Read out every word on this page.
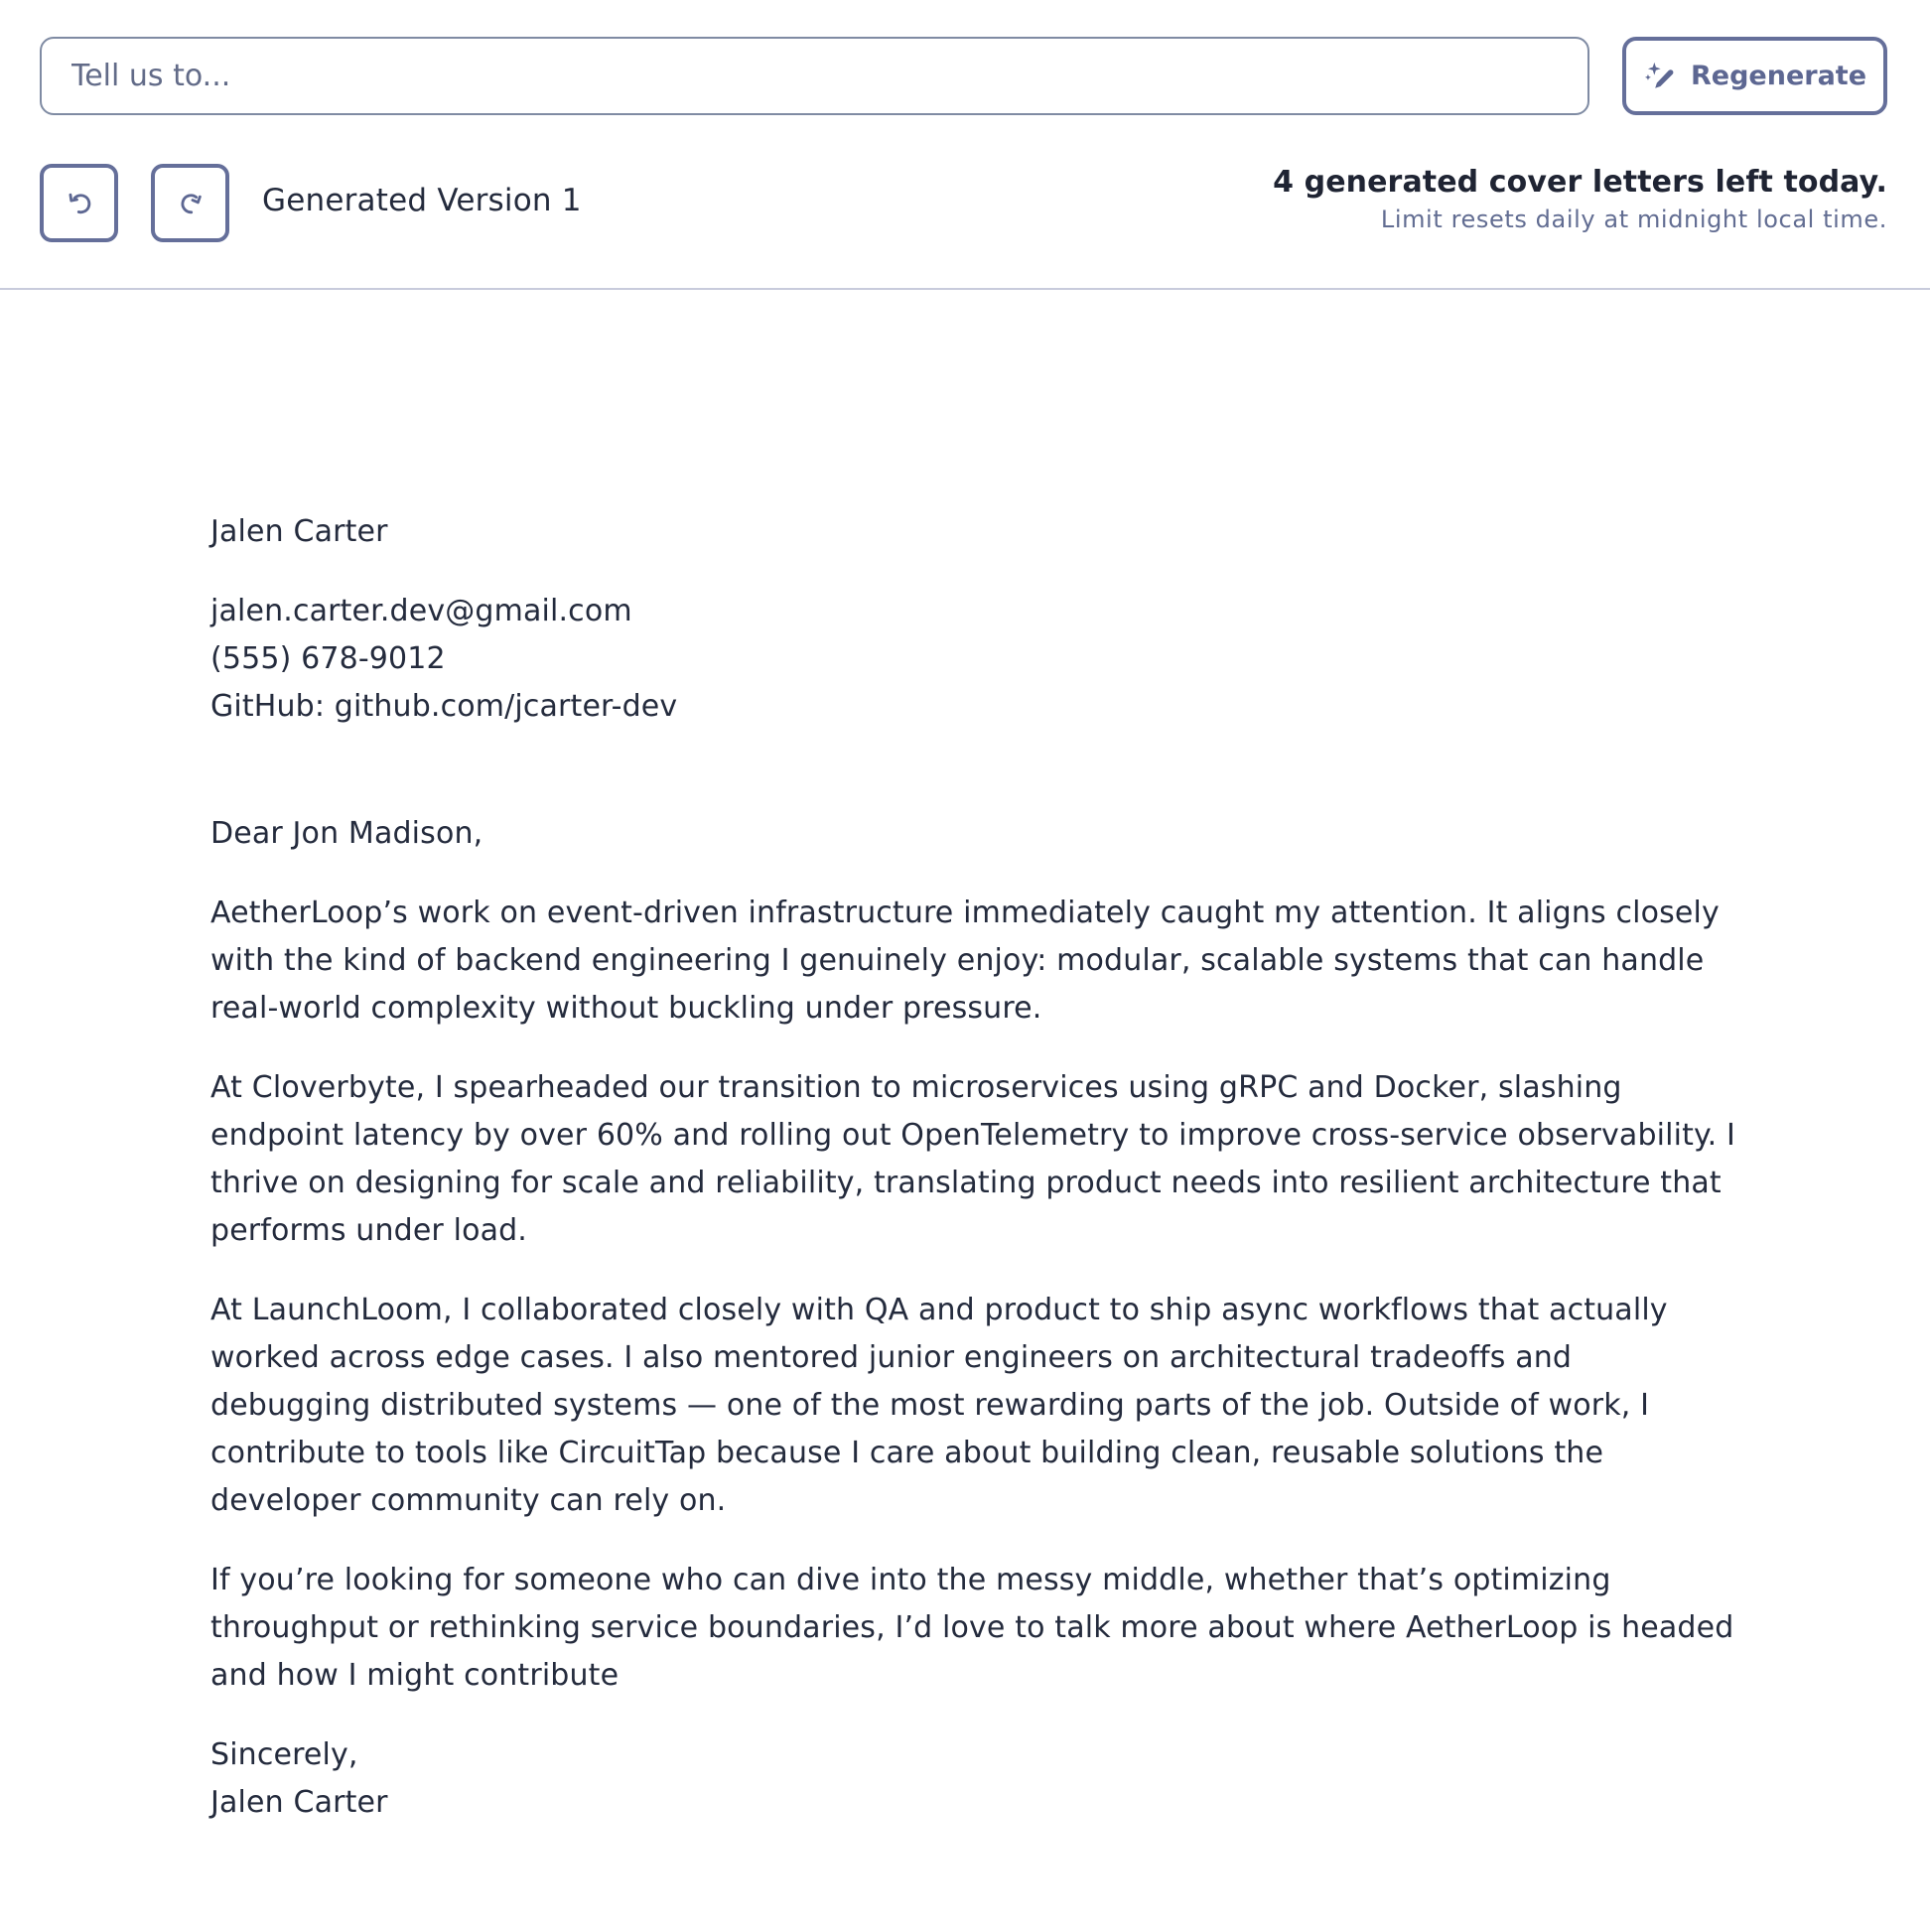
Tell us to...
Regenerate
Generated Version 1
4 generated cover letters left today.
Limit resets daily at midnight local time.

Jalen Carter

jalen.carter.dev@gmail.com

(555) 678-9012

GitHub: github.com/jcarter-dev

Dear Jon Madison,

AetherLoop’s work on event-driven infrastructure immediately caught my attention. It aligns closely with the kind of backend engineering I genuinely enjoy: modular, scalable systems that can handle real-world complexity without buckling under pressure.

At Cloverbyte, I spearheaded our transition to microservices using gRPC and Docker, slashing endpoint latency by over 60% and rolling out OpenTelemetry to improve cross-service observability. I thrive on designing for scale and reliability, translating product needs into resilient architecture that performs under load.

At LaunchLoom, I collaborated closely with QA and product to ship async workflows that actually worked across edge cases. I also mentored junior engineers on architectural tradeoffs and debugging distributed systems — one of the most rewarding parts of the job. Outside of work, I contribute to tools like CircuitTap because I care about building clean, reusable solutions the developer community can rely on.

If you’re looking for someone who can dive into the messy middle, whether that’s optimizing throughput or rethinking service boundaries, I’d love to talk more about where AetherLoop is headed and how I might contribute

Sincerely,

Jalen Carter
